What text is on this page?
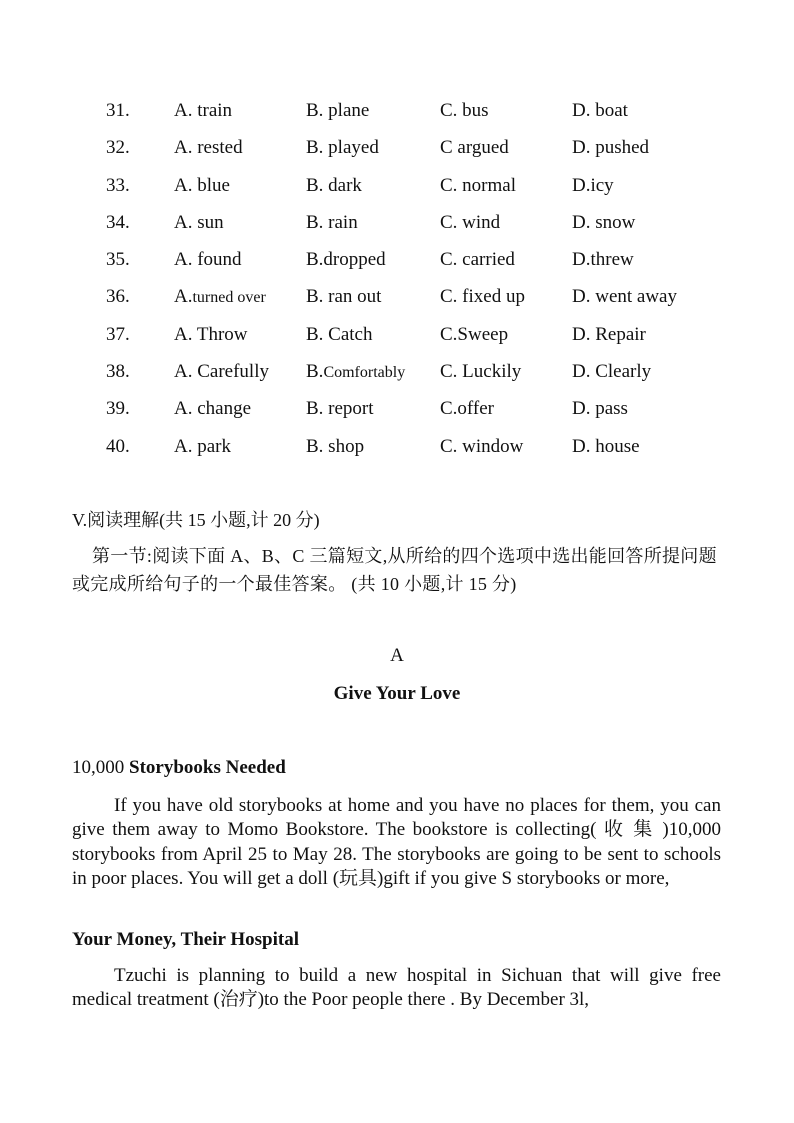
31. A. train	B. plane	C. bus	D. boat
32. A. rested	B. played	C argued	D. pushed
33. A. blue	B. dark	C. normal	D.icy
34. A. sun	B. rain	C. wind	D. snow
35. A. found	B.dropped	C. carried	D.threw
36. A.turned over B. ran out	C. fixed up D. went away
37. A. Throw	B. Catch	C.Sweep	D. Repair
38. A. Carefully B.Comfortably C. Luckily	D. Clearly
39. A. change	B. report	C.offer	D. pass
40. A. park	B. shop	C. window	D. house
V.阅读理解(共 15 小题,计 20 分)
第一节:阅读下面 A、B、C 三篇短文,从所给的四个选项中选出能回答所提问题或完成所给句子的一个最佳答案。 (共 10 小题,计 15 分)
A
Give Your Love
10,000 Storybooks Needed
If you have old storybooks at home and you have no places for them, you can give them away to Momo Bookstore. The bookstore is collecting( 收 集 )10,000 storybooks from April 25 to May 28. The storybooks are going to be sent to schools in poor places. You will get a doll (玩具)gift if you give S storybooks or more,
Your Money, Their Hospital
Tzuchi is planning to build a new hospital in Sichuan that will give free medical treatment (治疗)to the Poor people there . By December 3l,
